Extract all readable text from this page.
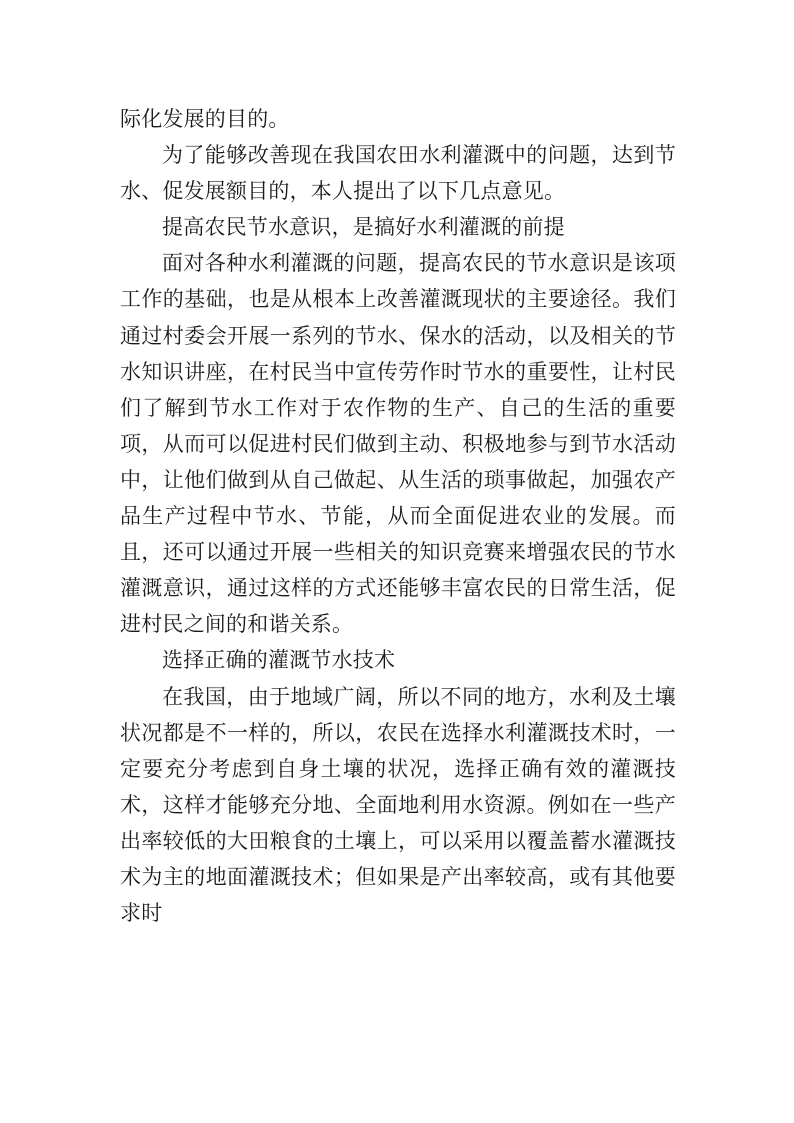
际化发展的目的。

为了能够改善现在我国农田水利灌溉中的问题，达到节水、促发展额目的，本人提出了以下几点意见。

提高农民节水意识，是搞好水利灌溉的前提

面对各种水利灌溉的问题，提高农民的节水意识是该项工作的基础，也是从根本上改善灌溉现状的主要途径。我们通过村委会开展一系列的节水、保水的活动，以及相关的节水知识讲座，在村民当中宣传劳作时节水的重要性，让村民们了解到节水工作对于农作物的生产、自己的生活的重要项，从而可以促进村民们做到主动、积极地参与到节水活动中，让他们做到从自己做起、从生活的琐事做起，加强农产品生产过程中节水、节能，从而全面促进农业的发展。而且，还可以通过开展一些相关的知识竞赛来增强农民的节水灌溉意识，通过这样的方式还能够丰富农民的日常生活，促进村民之间的和谐关系。

选择正确的灌溉节水技术

在我国，由于地域广阔，所以不同的地方，水利及土壤状况都是不一样的，所以，农民在选择水利灌溉技术时，一定要充分考虑到自身土壤的状况，选择正确有效的灌溉技术，这样才能够充分地、全面地利用水资源。例如在一些产出率较低的大田粮食的土壤上，可以采用以覆盖蓄水灌溉技术为主的地面灌溉技术；但如果是产出率较高，或有其他要求时
